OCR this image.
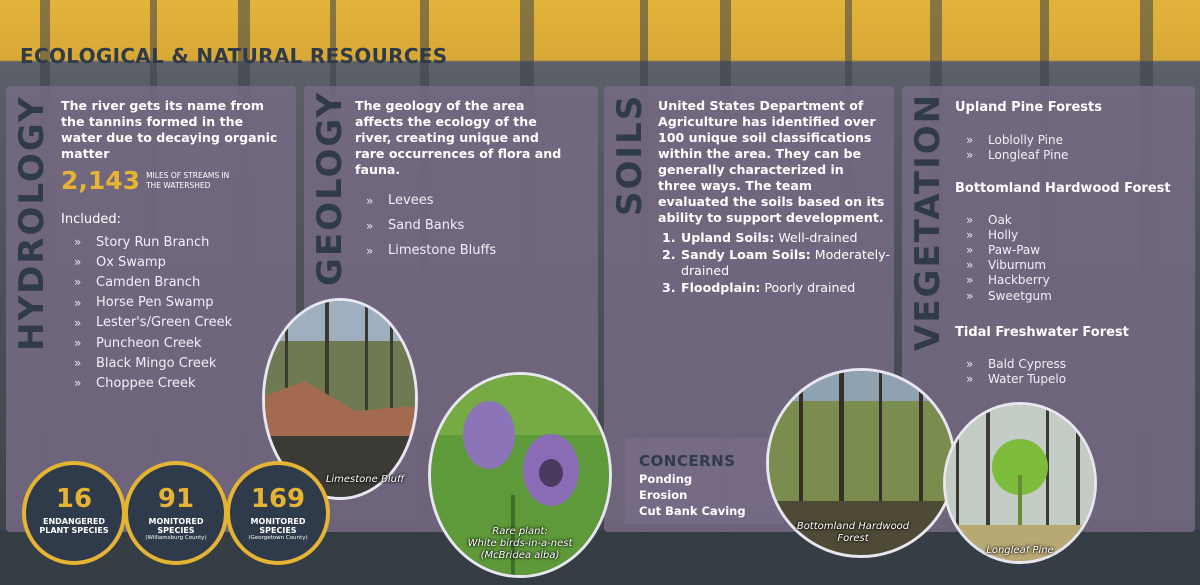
ECOLOGICAL & NATURAL RESOURCES
HYDROLOGY The river gets its name from the tannins formed in the water due to decaying organic matter
2,143 MILES OF STREAMS IN
THE WATERSHED
Included:
»	Story Run Branch
»	Ox Swamp
»	Camden Branch
»	Horse Pen Swamp
»	Lester's/Green Creek
»	Puncheon Creek
»	Black Mingo Creek
»	Choppee Creek
GEOLOGY The geology of the area affects the ecology of the river, creating unique and rare occurrences of flora and fauna.
»	Levees
»	Sand Banks
»	Limestone Bluffs
SOILS United States Department of Agriculture has identified over 100 unique soil classifications within the area. They can be generally characterized in three ways. The team evaluated the soils based on its ability to support development.
1. Upland Soils: Well-drained
2. Sandy Loam Soils: Moderately-
drained
3. Floodplain: Poorly drained VEGETATION Upland Pine Forests
»	Loblolly Pine
»	Longleaf Pine
Bottomland Hardwood Forest
»	Oak
»	Holly
»	Paw-Paw
»	Viburnum
»	Hackberry
»	Sweetgum
Tidal Freshwater Forest
»	Bald Cypress
»	Water Tupelo
CONCERNS
Ponding
Erosion
Cut Bank Caving
Limestone Bluff
Rare plant:
White birds-in-a-nest
(McBridea alba)
Bottomland Hardwood
Forest
Longleaf Pine
16
ENDANGERED
PLANT SPECIES
91
MONITORED
SPECIES
(Williamsburg County)
169
MONITORED
SPECIES
(Georgetown County)
